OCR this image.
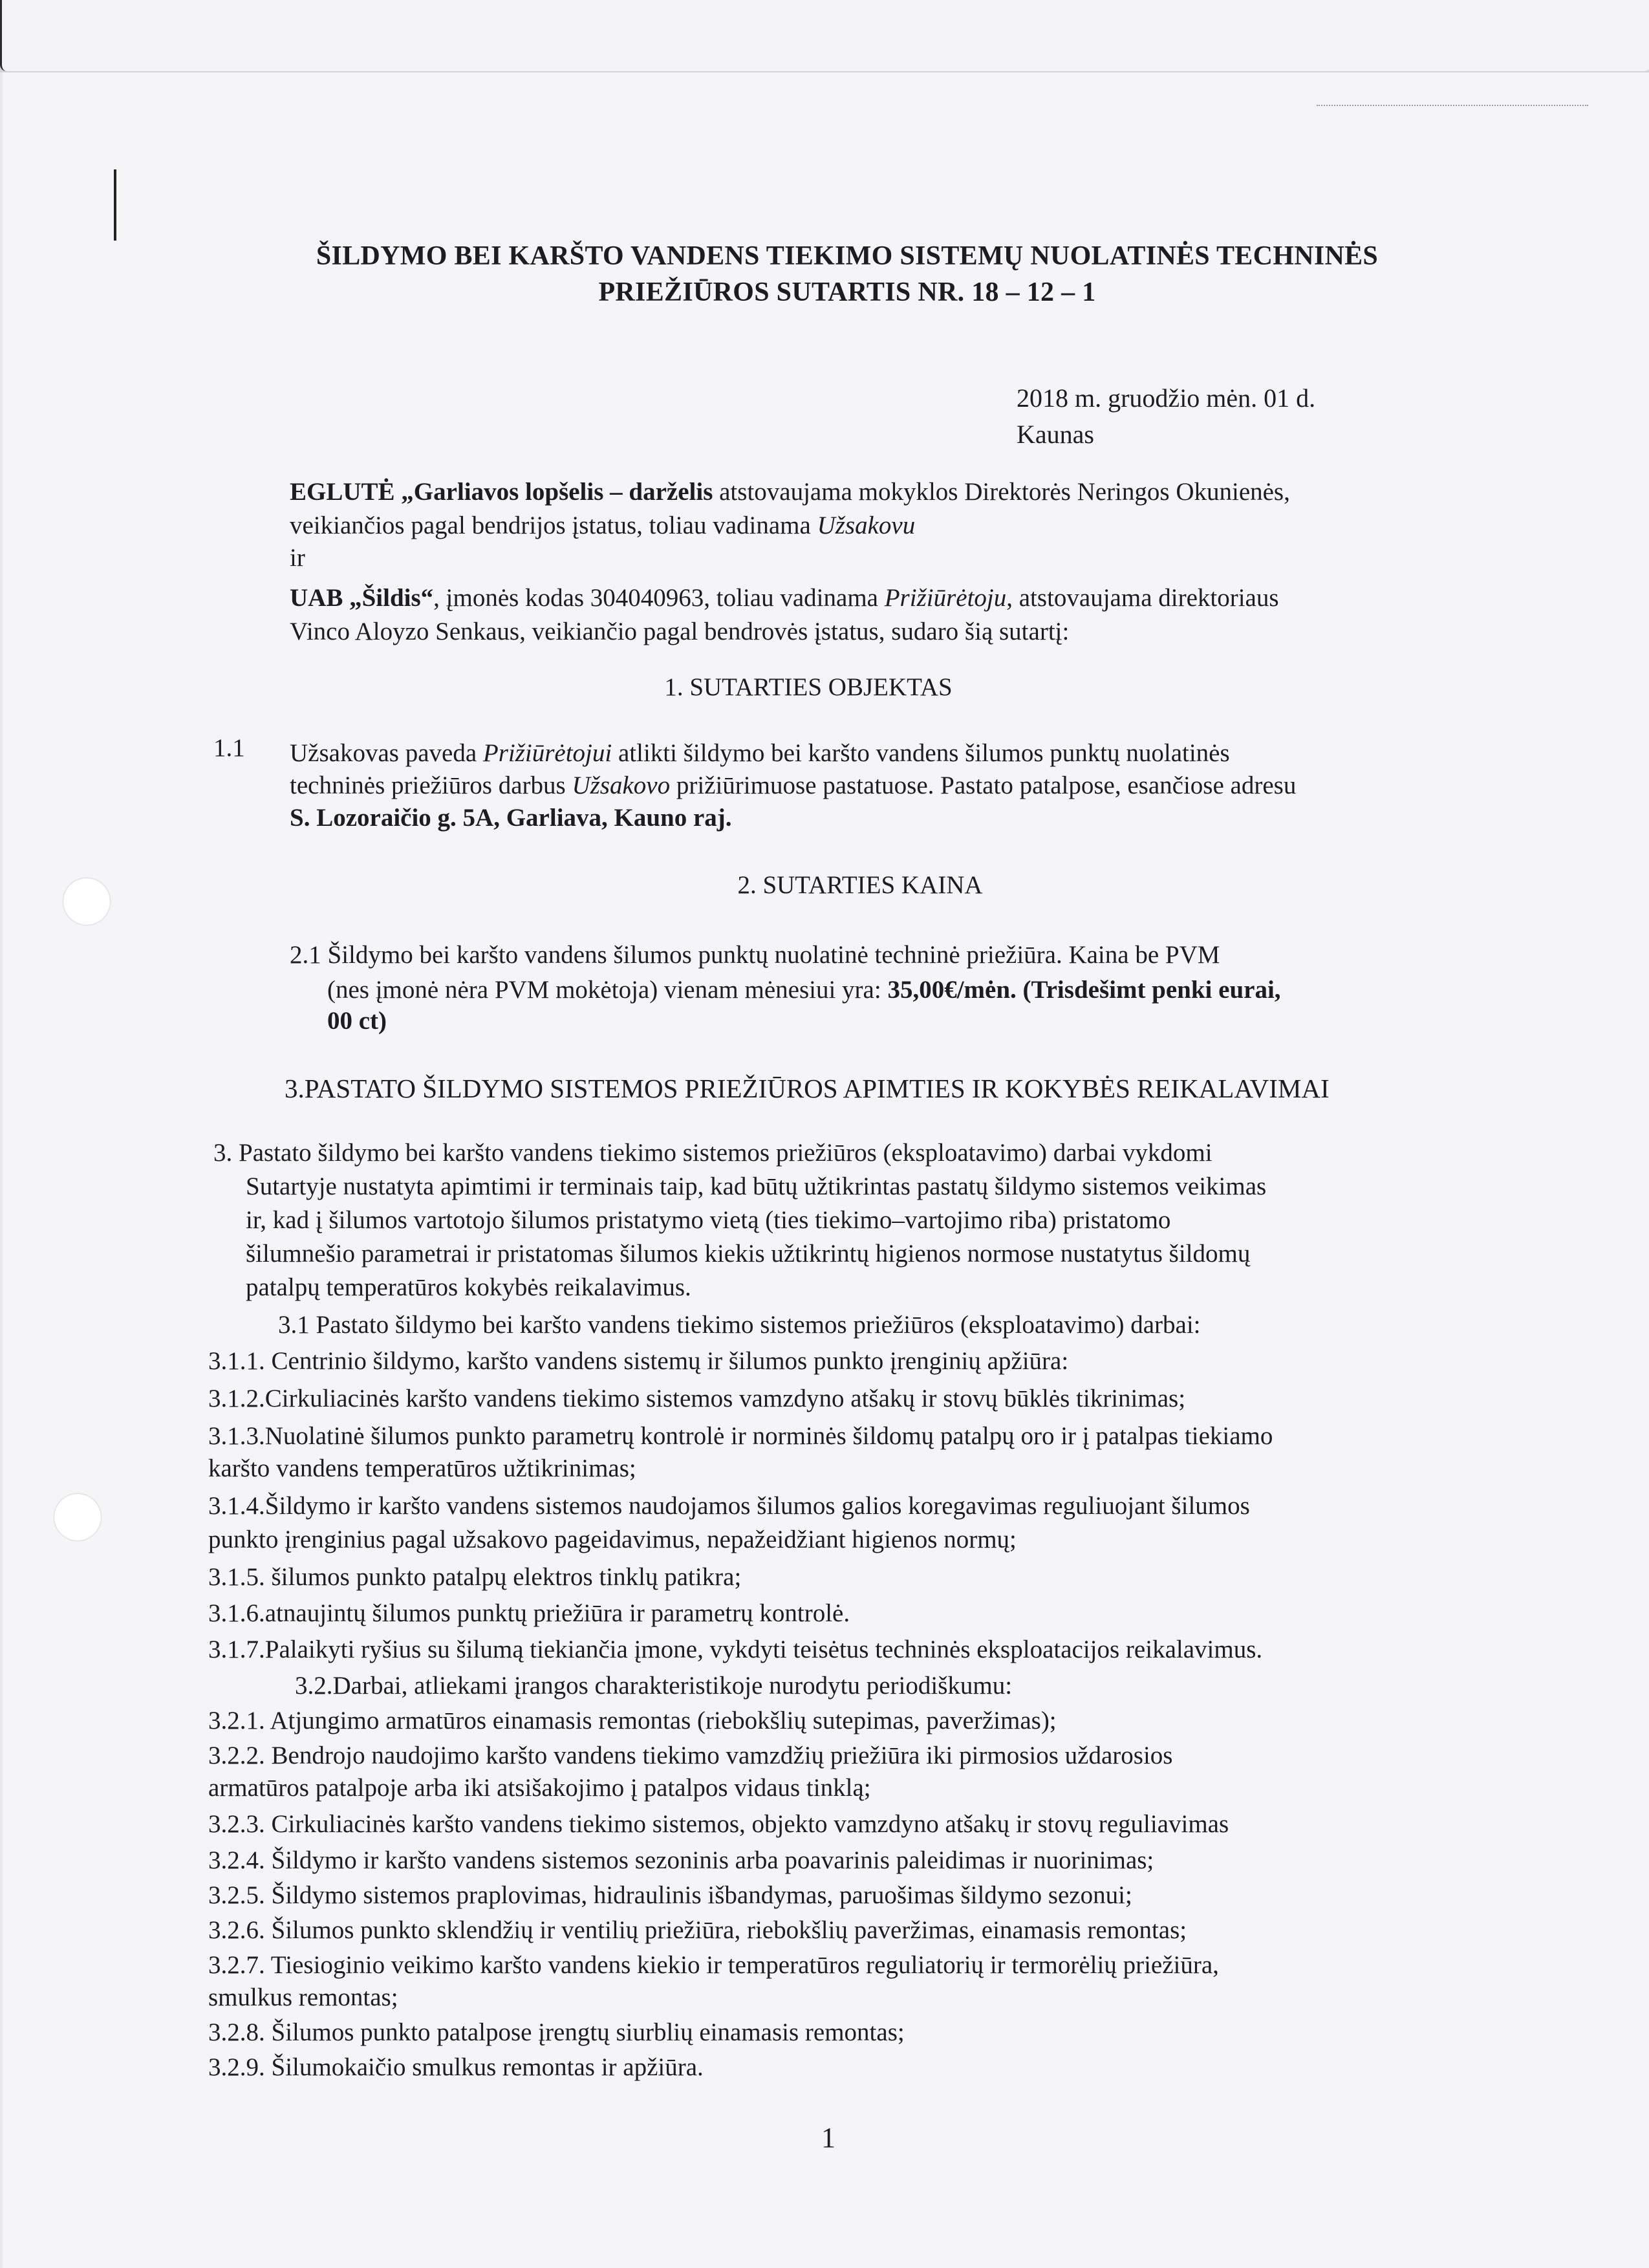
ŠILDYMO BEI KARŠTO VANDENS TIEKIMO SISTEMŲ NUOLATINĖS TECHNINĖS
PRIEŽIŪROS SUTARTIS NR. 18 – 12 – 1
2018 m. gruodžio mėn. 01 d.
Kaunas
EGLUTĖ „Garliavos lopšelis – darželis atstovaujama mokyklos Direktorės Neringos Okunienės,
veikiančios pagal bendrijos įstatus, toliau vadinama Užsakovu
ir
UAB „Šildis“, įmonės kodas 304040963, toliau vadinama Prižiūrėtoju, atstovaujama direktoriaus
Vinco Aloyzo Senkaus, veikiančio pagal bendrovės įstatus, sudaro šią sutartį:
1. SUTARTIES OBJEKTAS
1.1 Užsakovas paveda Prižiūrėtojui atlikti šildymo bei karšto vandens šilumos punktų nuolatinės
techninės priežiūros darbus Užsakovo prižiūrimuose pastatuose. Pastato patalpose, esančiose adresu
S. Lozoraičio g. 5A, Garliava, Kauno raj.
2. SUTARTIES KAINA
2.1 Šildymo bei karšto vandens šilumos punktų nuolatinė techninė priežiūra. Kaina be PVM
(nes įmonė nėra PVM mokėtoja) vienam mėnesiui yra: 35,00€/mėn. (Trisdešimt penki eurai,
00 ct)
3.PASTATO ŠILDYMO SISTEMOS PRIEŽIŪROS APIMTIES IR KOKYBĖS REIKALAVIMAI
3. Pastato šildymo bei karšto vandens tiekimo sistemos priežiūros (eksploatavimo) darbai vykdomi
Sutartyje nustatyta apimtimi ir terminais taip, kad būtų užtikrintas pastatų šildymo sistemos veikimas
ir, kad į šilumos vartotojo šilumos pristatymo vietą (ties tiekimo–vartojimo riba) pristatomo
šilumnešio parametrai ir pristatomas šilumos kiekis užtikrintų higienos normose nustatytus šildomų
patalpų temperatūros kokybės reikalavimus.
3.1 Pastato šildymo bei karšto vandens tiekimo sistemos priežiūros (eksploatavimo) darbai:
3.1.1. Centrinio šildymo, karšto vandens sistemų ir šilumos punkto įrenginių apžiūra:
3.1.2.Cirkuliacinės karšto vandens tiekimo sistemos vamzdyno atšakų ir stovų būklės tikrinimas;
3.1.3.Nuolatinė šilumos punkto parametrų kontrolė ir norminės šildomų patalpų oro ir į patalpas tiekiamo
karšto vandens temperatūros užtikrinimas;
3.1.4.Šildymo ir karšto vandens sistemos naudojamos šilumos galios koregavimas reguliuojant šilumos
punkto įrenginius pagal užsakovo pageidavimus, nepažeidžiant higienos normų;
3.1.5. šilumos punkto patalpų elektros tinklų patikra;
3.1.6.atnaujintų šilumos punktų priežiūra ir parametrų kontrolė.
3.1.7.Palaikyti ryšius su šilumą tiekiančia įmone, vykdyti teisėtus techninės eksploatacijos reikalavimus.
3.2.Darbai, atliekami įrangos charakteristikoje nurodytu periodiškumu:
3.2.1. Atjungimo armatūros einamasis remontas (riebokšlių sutepimas, paveržimas);
3.2.2. Bendrojo naudojimo karšto vandens tiekimo vamzdžių priežiūra iki pirmosios uždarosios
armatūros patalpoje arba iki atsišakojimo į patalpos vidaus tinklą;
3.2.3. Cirkuliacinės karšto vandens tiekimo sistemos, objekto vamzdyno atšakų ir stovų reguliavimas
3.2.4. Šildymo ir karšto vandens sistemos sezoninis arba poavarinis paleidimas ir nuorinimas;
3.2.5. Šildymo sistemos praplovimas, hidraulinis išbandymas, paruošimas šildymo sezonui;
3.2.6. Šilumos punkto sklendžių ir ventilių priežiūra, riebokšlių paveržimas, einamasis remontas;
3.2.7. Tiesioginio veikimo karšto vandens kiekio ir temperatūros reguliatorių ir termorėlių priežiūra,
smulkus remontas;
3.2.8. Šilumos punkto patalpose įrengtų siurblių einamasis remontas;
3.2.9. Šilumokaičio smulkus remontas ir apžiūra.
1
